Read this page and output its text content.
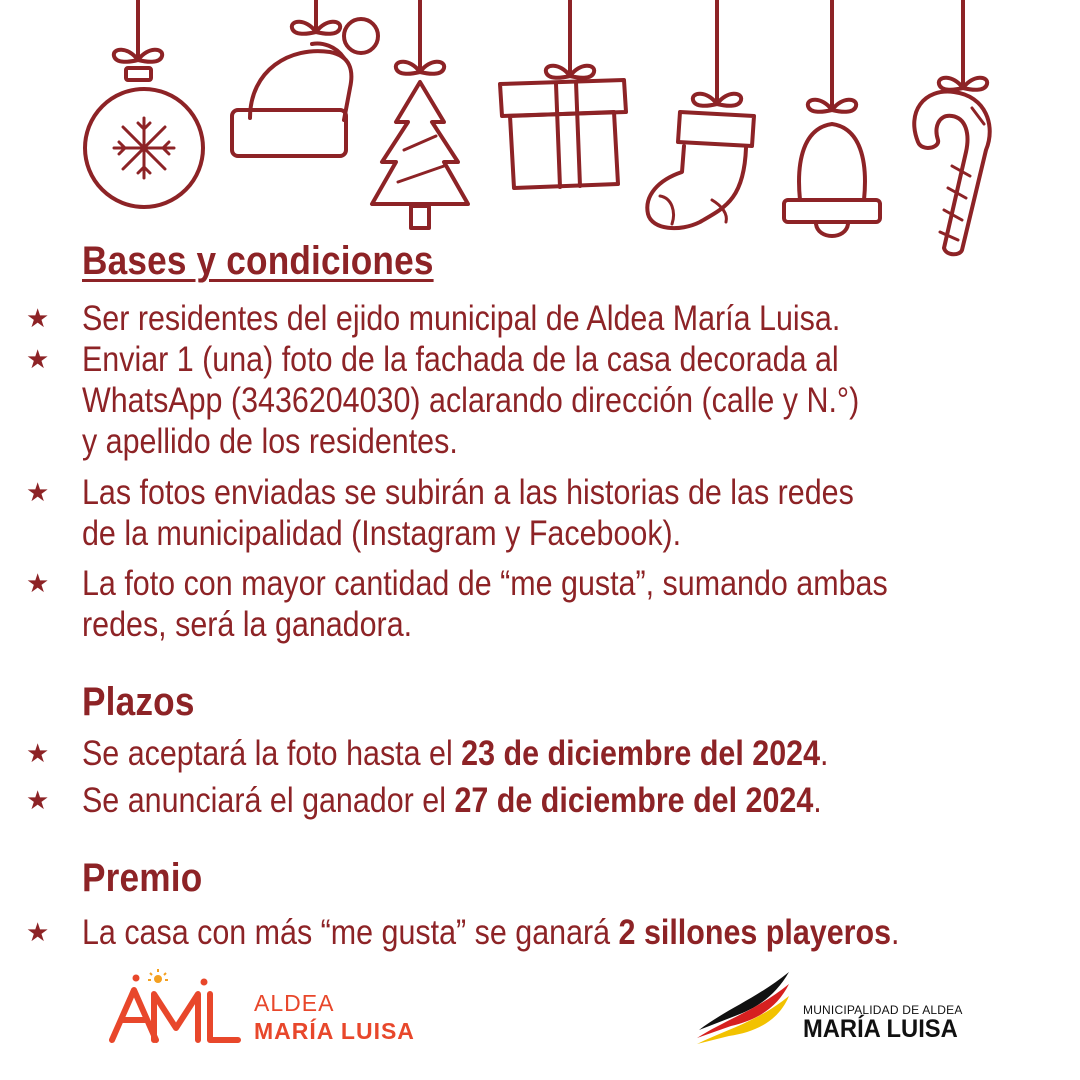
Bases y condiciones
★ Ser residentes del ejido municipal de Aldea María Luisa.
★ Enviar 1 (una) foto de la fachada de la casa decorada al
WhatsApp (3436204030) aclarando dirección (calle y N.°)
y apellido de los residentes.
★ Las fotos enviadas se subirán a las historias de las redes
de la municipalidad (Instagram y Facebook).
★ La foto con mayor cantidad de “me gusta”, sumando ambas
redes, será la ganadora.
Plazos
★ Se aceptará la foto hasta el 23 de diciembre del 2024.
★ Se anunciará el ganador el 27 de diciembre del 2024.
Premio
★ La casa con más “me gusta” se ganará 2 sillones playeros.
ALDEA
MARÍA LUISA
MUNICIPALIDAD DE ALDEA
MARÍA LUISA
